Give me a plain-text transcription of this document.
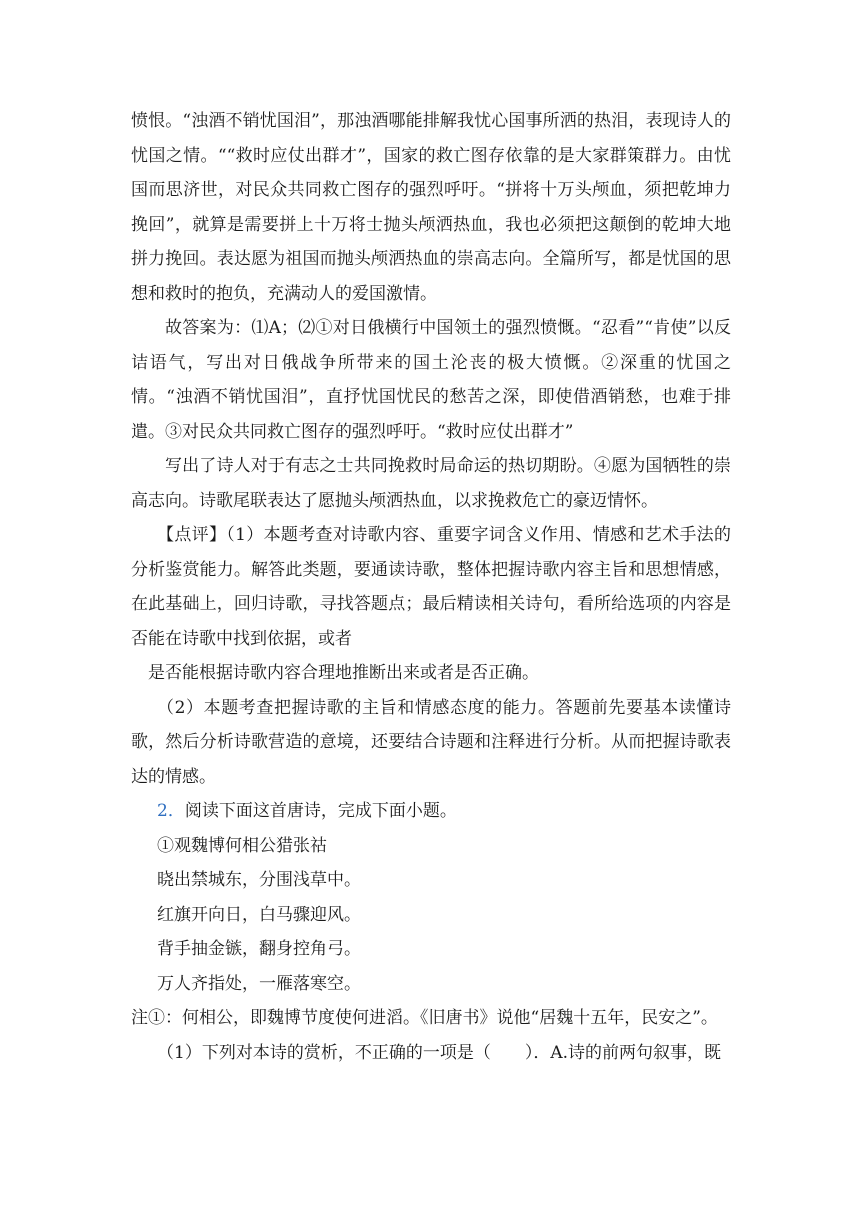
愤恨。“浊酒不销忧国泪”，那浊酒哪能排解我忧心国事所洒的热泪，表现诗人的忧国之情。““救时应仗出群才”，国家的救亡图存依靠的是大家群策群力。由忧国而思济世，对民众共同救亡图存的强烈呼吁。“拼将十万头颅血，须把乾坤力挽回”，就算是需要拼上十万将士抛头颅洒热血，我也必须把这颠倒的乾坤大地拼力挽回。表达愿为祖国而抛头颅洒热血的崇高志向。全篇所写，都是忧国的思想和救时的抱负，充满动人的爱国激情。

故答案为：⑴A；⑵①对日俄横行中国领土的强烈愤慨。“忍看”“肯使”以反诘语气，写出对日俄战争所带来的国土沦丧的极大愤慨。②深重的忧国之情。“浊酒不销忧国泪”，直抒忧国忧民的愁苦之深，即使借酒销愁，也难于排遣。③对民众共同救亡图存的强烈呼吁。“救时应仗出群才”

写出了诗人对于有志之士共同挽救时局命运的热切期盼。④愿为国牺牲的崇高志向。诗歌尾联表达了愿抛头颅洒热血，以求挽救危亡的豪迈情怀。

【点评】（1）本题考查对诗歌内容、重要字词含义作用、情感和艺术手法的分析鉴赏能力。解答此类题，要通读诗歌，整体把握诗歌内容主旨和思想情感，在此基础上，回归诗歌，寻找答题点；最后精读相关诗句，看所给选项的内容是否能在诗歌中找到依据，或者

是否能根据诗歌内容合理地推断出来或者是否正确。

（2）本题考查把握诗歌的主旨和情感态度的能力。答题前先要基本读懂诗歌，然后分析诗歌营造的意境，还要结合诗题和注释进行分析。从而把握诗歌表达的情感。

2．阅读下面这首唐诗，完成下面小题。

①观魏博何相公猎张祜

晓出禁城东，分围浅草中。

红旗开向日，白马骤迎风。

背手抽金镞，翻身控角弓。

万人齐指处，一雁落寒空。

注①：何相公，即魏博节度使何进滔。《旧唐书》说他“居魏十五年，民安之”。

（1）下列对本诗的赏析，不正确的一项是（　　）．A.诗的前两句叙事，既
